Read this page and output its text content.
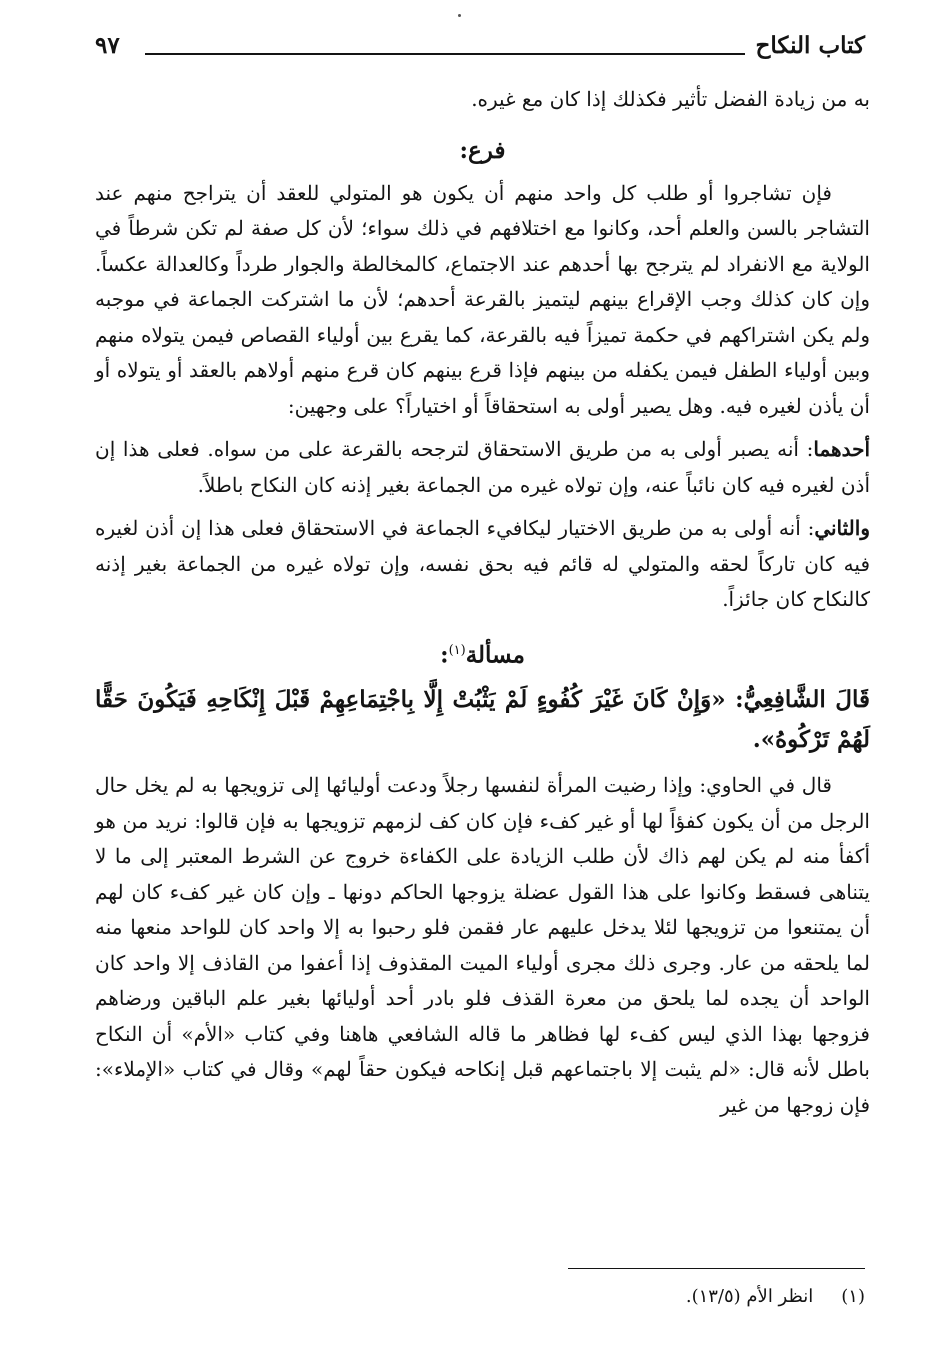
كتاب النكاح
٩٧

به من زيادة الفضل تأثير فكذلك إذا كان مع غيره.

فرع:

فإن تشاجروا أو طلب كل واحد منهم أن يكون هو المتولي للعقد أن يتراجح منهم عند التشاجر بالسن والعلم أحد، وكانوا مع اختلافهم في ذلك سواء؛ لأن كل صفة لم تكن شرطاً في الولاية مع الانفراد لم يترجح بها أحدهم عند الاجتماع، كالمخالطة والجوار طرداً وكالعدالة عكساً. وإن كان كذلك وجب الإقراع بينهم ليتميز بالقرعة أحدهم؛ لأن ما اشتركت الجماعة في موجبه ولم يكن اشتراكهم في حكمة تميزاً فيه بالقرعة، كما يقرع بين أولياء القصاص فيمن يتولاه منهم وبين أولياء الطفل فيمن يكفله من بينهم فإذا قرع بينهم كان قرع منهم أولاهم بالعقد أو يتولاه أو أن يأذن لغيره فيه. وهل يصير أولى به استحقاقاً أو اختياراً؟ على وجهين:

أحدهما: أنه يصبر أولى به من طريق الاستحقاق لترجحه بالقرعة على من سواه. فعلى هذا إن أذن لغيره فيه كان نائباً عنه، وإن تولاه غيره من الجماعة بغير إذنه كان النكاح باطلاً.

والثاني: أنه أولى به من طريق الاختيار ليكافيء الجماعة في الاستحقاق فعلى هذا إن أذن لغيره فيه كان تاركاً لحقه والمتولي له قائم فيه بحق نفسه، وإن تولاه غيره من الجماعة بغير إذنه كالنكاح كان جائزاً.

مسألة$^{(١)}$:

قَالَ الشَّافِعِيُّ: «وَإِنْ كَانَ غَيْرَ كُفُوءٍ لَمْ يَثْبُتْ إِلَّا بِاجْتِمَاعِهِمْ قَبْلَ إِنْكَاحِهِ فَيَكُونَ حَقًّا لَهُمْ تَرْكُوهُ».

قال في الحاوي: وإذا رضيت المرأة لنفسها رجلاً ودعت أوليائها إلى تزويجها به لم يخل حال الرجل من أن يكون كفؤاً لها أو غير كفء فإن كان كف لزمهم تزويجها به فإن قالوا: نريد من هو أكفأ منه لم يكن لهم ذاك لأن طلب الزيادة على الكفاءة خروج عن الشرط المعتبر إلى ما لا يتناهى فسقط وكانوا على هذا القول عضلة يزوجها الحاكم دونها ـ وإن كان غير كفء كان لهم أن يمتنعوا من تزويجها لئلا يدخل عليهم عار فقمن فلو رحبوا به إلا واحد كان للواحد منعها منه لما يلحقه من عار. وجرى ذلك مجرى أولياء الميت المقذوف إذا أعفوا من القاذف إلا واحد كان الواحد أن يجده لما يلحق من معرة القذف فلو بادر أحد أوليائها بغير علم الباقين ورضاهم فزوجها بهذا الذي ليس كفء لها فظاهر ما قاله الشافعي هاهنا وفي كتاب «الأم» أن النكاح باطل لأنه قال: «لم يثبت إلا باجتماعهم قبل إنكاحه فيكون حقاً لهم» وقال في كتاب «الإملاء»: فإن زوجها من غير

(١)انظر الأم (١٣/٥).
